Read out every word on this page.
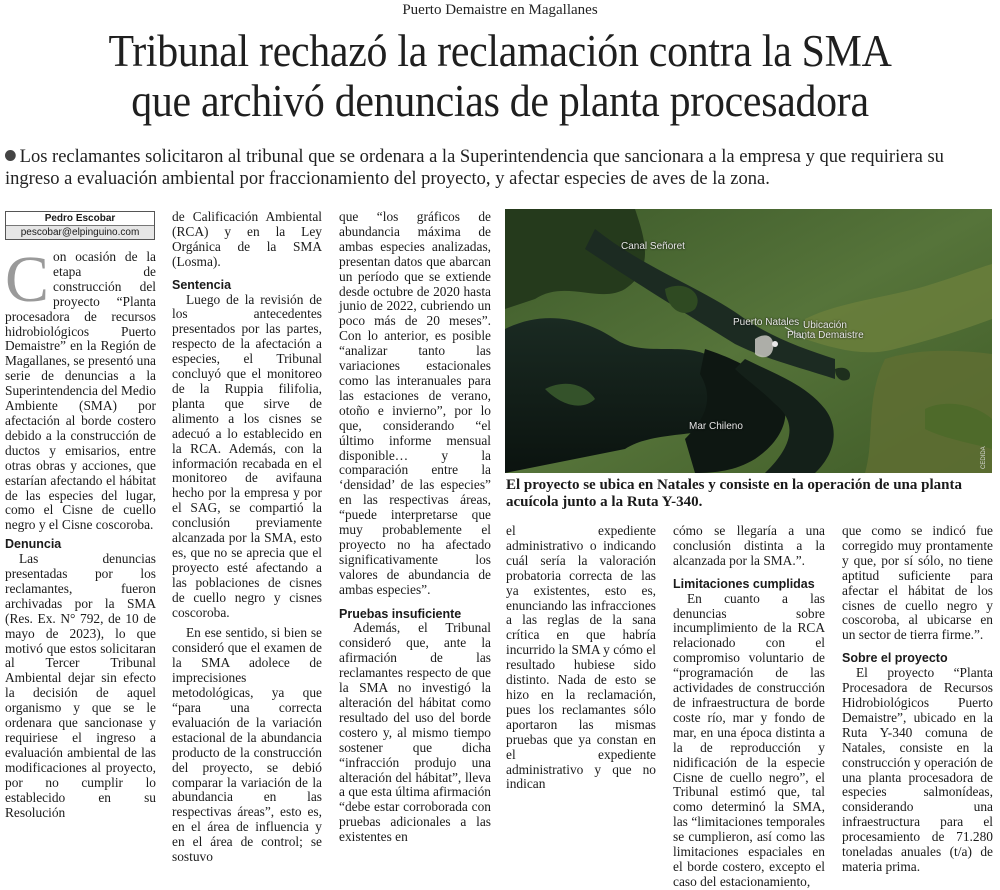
Puerto Demaistre en Magallanes
Tribunal rechazó la reclamación contra la SMA
que archivó denuncias de planta procesadora
Los reclamantes solicitaron al tribunal que se ordenara a la Superintendencia que sancionara a la empresa y que requiriera su ingreso a evaluación ambiental por fraccionamiento del proyecto, y afectar especies de aves de la zona.
Pedro Escobar
pescobar@elpinguino.com

Con ocasión de la etapa de construcción del proyecto “Planta procesadora de recursos hidrobiológicos Puerto Demaistre” en la Región de Magallanes, se presentó una serie de denuncias a la Superintendencia del Medio Ambiente (SMA) por afectación al borde costero debido a la construcción de ductos y emisarios, entre otras obras y acciones, que estarían afectando el hábitat de las especies del lugar, como el Cisne de cuello negro y el Cisne coscoroba.

Denuncia

Las denuncias presentadas por los reclamantes, fueron archivadas por la SMA (Res. Ex. N° 792, de 10 de mayo de 2023), lo que motivó que estos solicitaran al Tercer Tribunal Ambiental dejar sin efecto la decisión de aquel organismo y que se le ordenara que sancionase y requiriese el ingreso a evaluación ambiental de las modificaciones al proyecto, por no cumplir lo establecido en su Resolución

de Calificación Ambiental (RCA) y en la Ley Orgánica de la SMA (Losma).

Sentencia

Luego de la revisión de los antecedentes presentados por las partes, respecto de la afectación a especies, el Tribunal concluyó que el monitoreo de la Ruppia filifolia, planta que sirve de alimento a los cisnes se adecuó a lo establecido en la RCA. Además, con la información recabada en el monitoreo de avifauna hecho por la empresa y por el SAG, se compartió la conclusión previamente alcanzada por la SMA, esto es, que no se aprecia que el proyecto esté afectando a las poblaciones de cisnes de cuello negro y cisnes coscoroba.

En ese sentido, si bien se consideró que el examen de la SMA adolece de imprecisiones metodológicas, ya que “para una correcta evaluación de la variación estacional de la abundancia producto de la construcción del proyecto, se debió comparar la variación de la abundancia en las respectivas áreas”, esto es, en el área de influencia y en el área de control; se sostuvo

que “los gráficos de abundancia máxima de ambas especies analizadas, presentan datos que abarcan un período que se extiende desde octubre de 2020 hasta junio de 2022, cubriendo un poco más de 20 meses”. Con lo anterior, es posible “analizar tanto las variaciones estacionales como las interanuales para las estaciones de verano, otoño e invierno”, por lo que, considerando “el último informe mensual disponible… y la comparación entre la ‘densidad’ de las especies” en las respectivas áreas, “puede interpretarse que muy probablemente el proyecto no ha afectado significativamente los valores de abundancia de ambas especies”.

Pruebas insuficiente

Además, el Tribunal consideró que, ante la afirmación de las reclamantes respecto de que la SMA no investigó la alteración del hábitat como resultado del uso del borde costero y, al mismo tiempo sostener que dicha “infracción produjo una alteración del hábitat”, lleva a que esta última afirmación “debe estar corroborada con pruebas adicionales a las existentes en

Canal Señoret
Puerto Natales Ubicación
Planta Demaistre
Mar Chileno
CEDIDA
El proyecto se ubica en Natales y consiste en la operación de una planta acuícola junto a la Ruta Y-340.

el expediente administrativo o indicando cuál sería la valoración probatoria correcta de las ya existentes, esto es, enunciando las infracciones a las reglas de la sana crítica en que habría incurrido la SMA y cómo el resultado hubiese sido distinto. Nada de esto se hizo en la reclamación, pues los reclamantes sólo aportaron las mismas pruebas que ya constan en el expediente administrativo y que no indican

cómo se llegaría a una conclusión distinta a la alcanzada por la SMA.”.

Limitaciones cumplidas

En cuanto a las denuncias sobre incumplimiento de la RCA relacionado con el compromiso voluntario de “programación de las actividades de construcción de infraestructura de borde coste río, mar y fondo de mar, en una época distinta a la de reproducción y nidificación de la especie Cisne de cuello negro”, el Tribunal estimó que, tal como determinó la SMA, las “limitaciones temporales se cumplieron, así como las limitaciones espaciales en el borde costero, excepto el caso del estacionamiento,

que como se indicó fue corregido muy prontamente y que, por sí sólo, no tiene aptitud suficiente para afectar el hábitat de los cisnes de cuello negro y coscoroba, al ubicarse en un sector de tierra firme.”.

Sobre el proyecto

El proyecto “Planta Procesadora de Recursos Hidrobiológicos Puerto Demaistre”, ubicado en la Ruta Y-340 comuna de Natales, consiste en la construcción y operación de una planta procesadora de especies salmonídeas, considerando una infraestructura para el procesamiento de 71.280 toneladas anuales (t/a) de materia prima.
